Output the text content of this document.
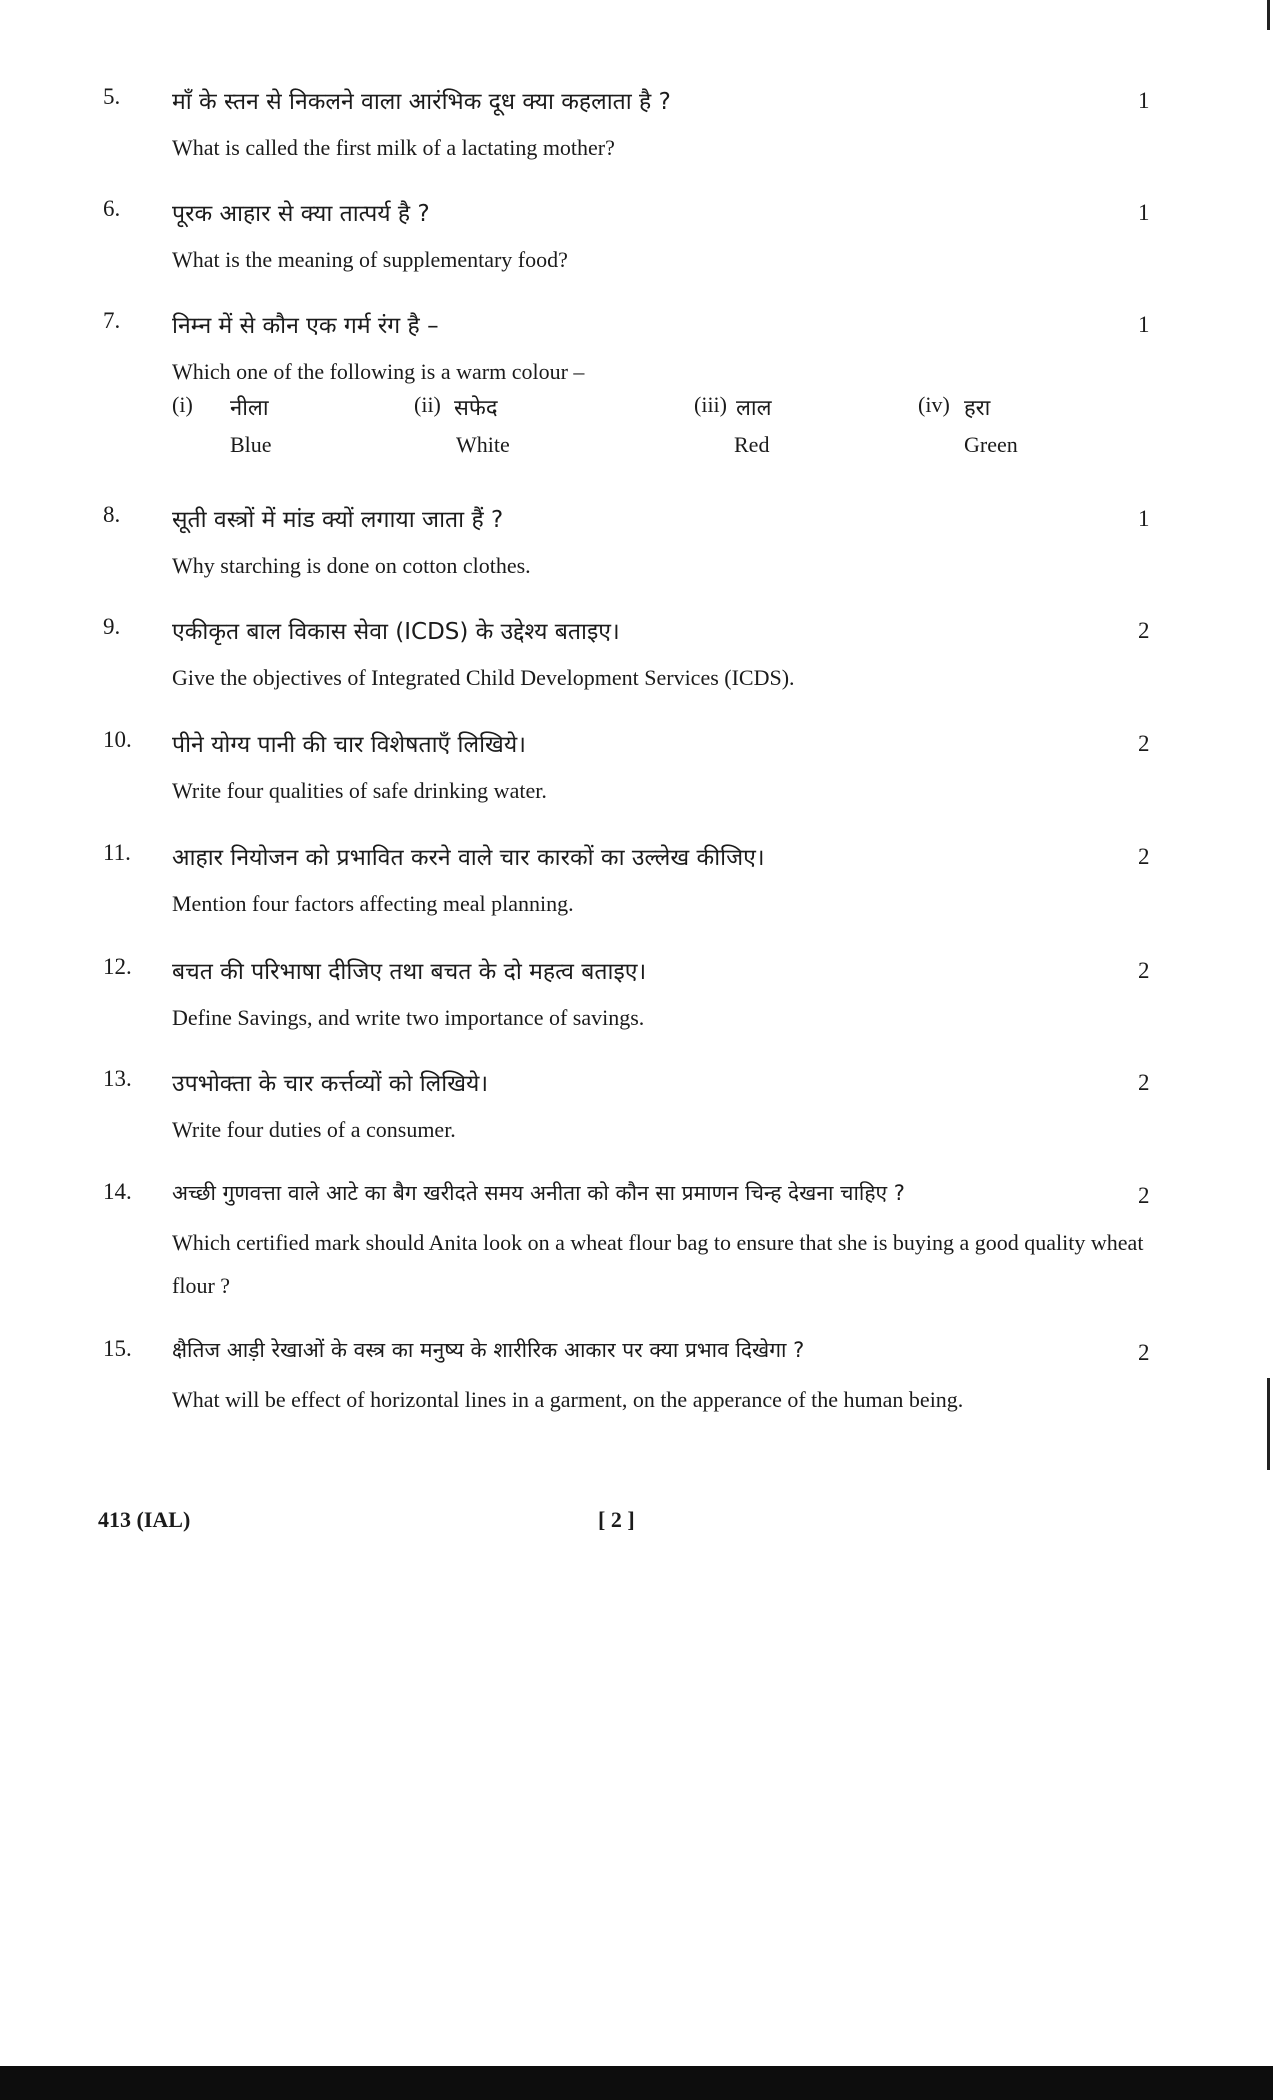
5. माँ के स्तन से निकलने वाला आरंभिक दूध क्या कहलाता है ?	1
What is called the first milk of a lactating mother?
6. पूरक आहार से क्या तात्पर्य है ?	1
What is the meaning of supplementary food?
7. निम्न में से कौन एक गर्म रंग है –	1
Which one of the following is a warm colour –
(i) नीला
Blue
(ii) सफेद
White
(iii) लाल
Red
(iv) हरा
Green
8. सूती वस्त्रों में मांड क्यों लगाया जाता हैं ?	1
Why starching is done on cotton clothes.
9. एकीकृत बाल विकास सेवा (ICDS) के उद्देश्य बताइए।	2
Give the objectives of Integrated Child Development Services (ICDS).
10. पीने योग्य पानी की चार विशेषताएँ लिखिये।	2
Write four qualities of safe drinking water.
11. आहार नियोजन को प्रभावित करने वाले चार कारकों का उल्लेख कीजिए।	2
Mention four factors affecting meal planning.
12. बचत की परिभाषा दीजिए तथा बचत के दो महत्व बताइए।	2
Define Savings, and write two importance of savings.
13. उपभोक्ता के चार कर्त्तव्यों को लिखिये।	2
Write four duties of a consumer.
14. अच्छी गुणवत्ता वाले आटे का बैग खरीदते समय अनीता को कौन सा प्रमाणन चिन्ह देखना चाहिए ?	2
Which certified mark should Anita look on a wheat flour bag to ensure that she is buying a good quality wheat flour ?
15. क्षैतिज आड़ी रेखाओं के वस्त्र का मनुष्य के शारीरिक आकार पर क्या प्रभाव दिखेगा ?	2
What will be effect of horizontal lines in a garment, on the apperance of the human being.
413 (IAL)	[ 2 ]
